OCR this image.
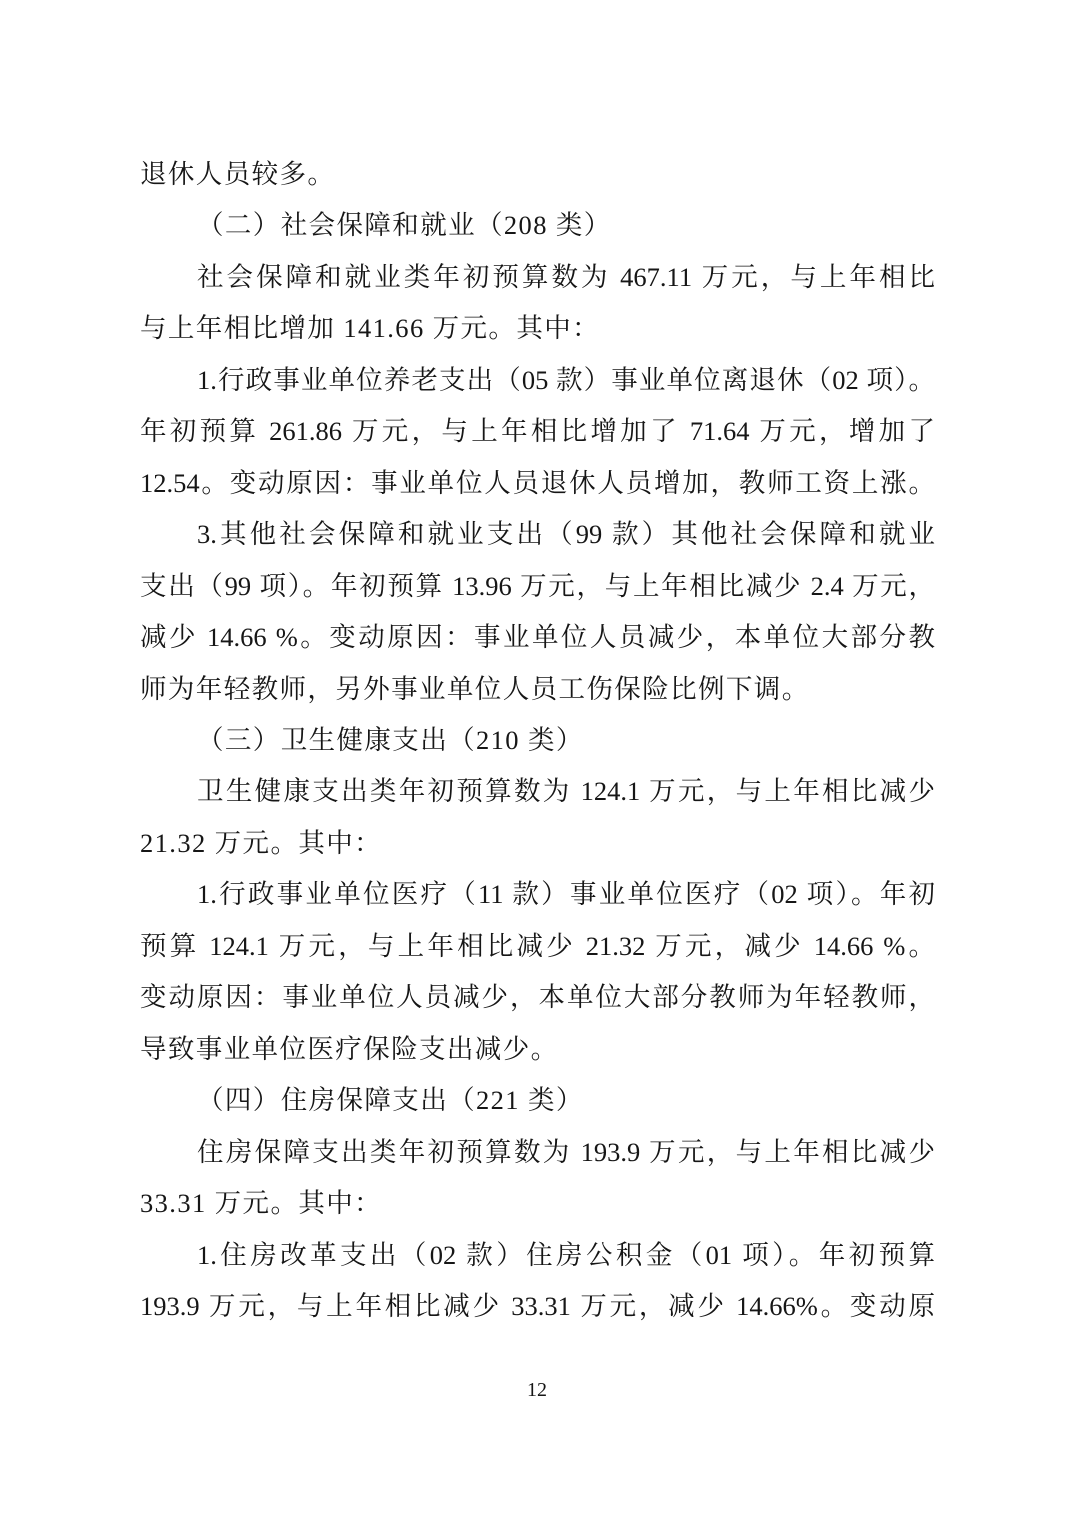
退休人员较多。
（二）社会保障和就业（208 类）
社会保障和就业类年初预算数为 467.11 万元，与上年相比
与上年相比增加 141.66 万元。其中：
1.行政事业单位养老支出（05 款）事业单位离退休（02 项）。
年初预算 261.86 万元，与上年相比增加了 71.64 万元，增加了
12.54。变动原因：事业单位人员退休人员增加，教师工资上涨。
3.其他社会保障和就业支出（99 款）其他社会保障和就业
支出（99 项）。年初预算 13.96 万元，与上年相比减少 2.4 万元，
减少 14.66 %。变动原因：事业单位人员减少，本单位大部分教
师为年轻教师，另外事业单位人员工伤保险比例下调。
（三）卫生健康支出（210 类）
卫生健康支出类年初预算数为 124.1 万元，与上年相比减少
21.32 万元。其中：
1.行政事业单位医疗（11 款）事业单位医疗（02 项）。年初
预算 124.1 万元，与上年相比减少 21.32 万元，减少 14.66 %。
变动原因：事业单位人员减少，本单位大部分教师为年轻教师，
导致事业单位医疗保险支出减少。
（四）住房保障支出（221 类）
住房保障支出类年初预算数为 193.9 万元，与上年相比减少
33.31 万元。其中：
1.住房改革支出（02 款）住房公积金（01 项）。年初预算
193.9 万元，与上年相比减少 33.31 万元，减少 14.66%。变动原
12
